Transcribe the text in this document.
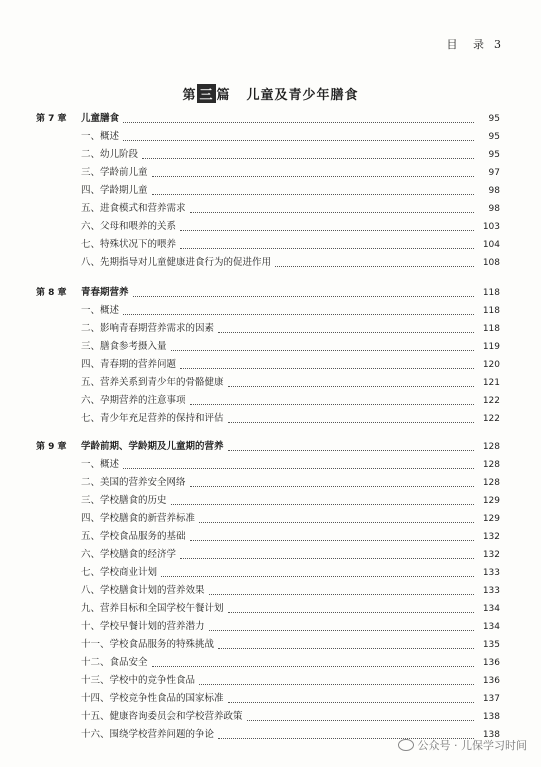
目 录 3
第 三 篇 儿童及青少年膳食
第 7 章	儿童膳食	95
一、概述	95
二、幼儿阶段	95
三、学龄前儿童	97
四、学龄期儿童	98
五、进食模式和营养需求	98
六、父母和喂养的关系	103
七、特殊状况下的喂养	104
八、先期指导对儿童健康进食行为的促进作用	108
第 8 章	青春期营养	118
一、概述	118
二、影响青春期营养需求的因素	118
三、膳食参考摄入量	119
四、青春期的营养问题	120
五、营养关系到青少年的骨骼健康	121
六、孕期营养的注意事项	122
七、青少年充足营养的保持和评估	122
第 9 章	学龄前期、学龄期及儿童期的营养	128
一、概述	128
二、美国的营养安全网络	128
三、学校膳食的历史	129
四、学校膳食的新营养标准	129
五、学校食品服务的基础	132
六、学校膳食的经济学	132
七、学校商业计划	133
八、学校膳食计划的营养效果	133
九、营养目标和全国学校午餐计划	134
十、学校早餐计划的营养潜力	134
十一、学校食品服务的特殊挑战	135
十二、食品安全	136
十三、学校中的竞争性食品	136
十四、学校竞争性食品的国家标准	137
十五、健康咨询委员会和学校营养政策	138
十六、围绕学校营养问题的争论	138
公众号 · 儿保学习时间
